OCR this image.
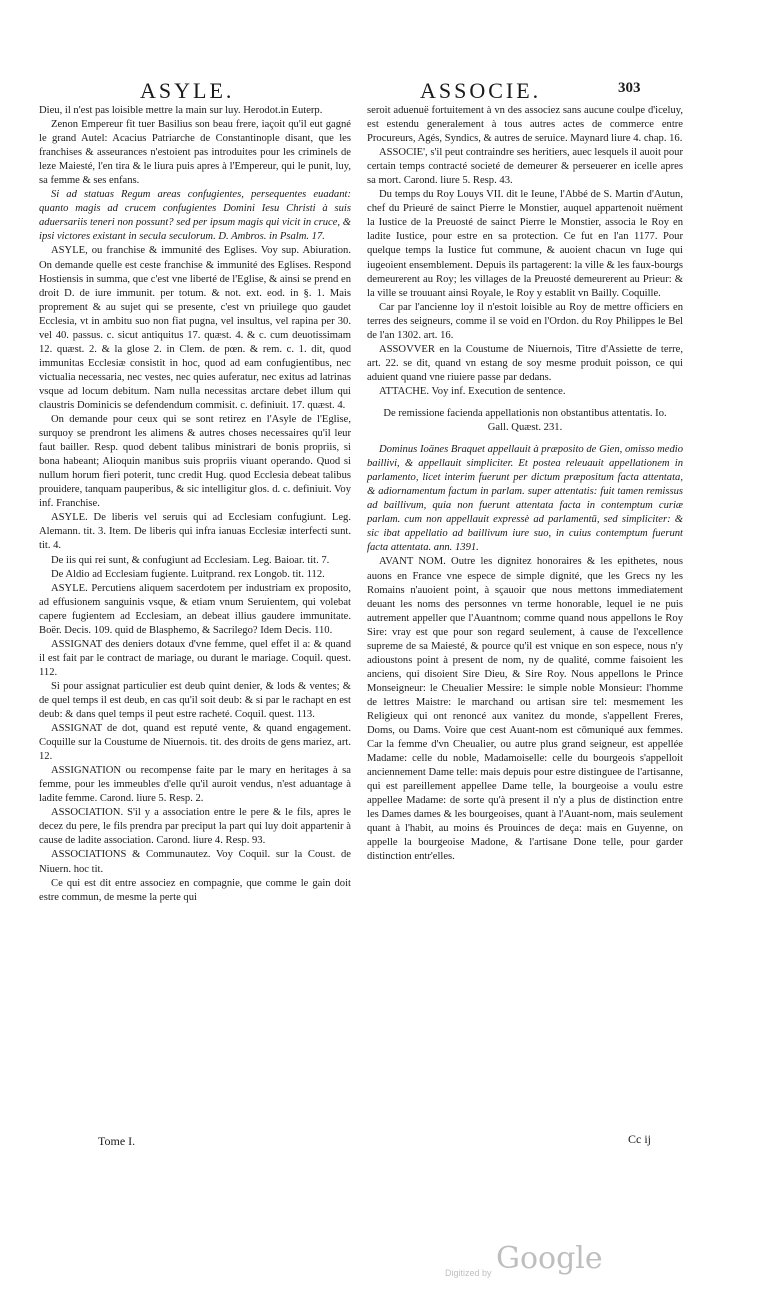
ASYLE.	ASSOCIE.	303

Dieu, il n'est pas loisible mettre la main sur luy. Herodot.in Euterp.

Zenon Empereur fit tuer Basilius son beau frere, iaçoit qu'il eut gagné le grand Autel: Acacius Patriarche de Constantinople disant, que les franchises & asseurances n'estoient pas introduites pour les criminels de leze Maiesté, l'en tira & le liura puis apres à l'Empereur, qui le punit, luy, sa femme & ses enfans.

Si ad statuas Regum areas confugientes, persequentes euadant: quanto magis ad crucem confugientes Domini Iesu Christi à suis aduersariis teneri non possunt? sed per ipsum magis qui vicit in cruce, & ipsi victores existant in secula seculorum. D. Ambros. in Psalm. 17.

ASYLE, ou franchise & immunité des Eglises. Voy sup. Abiuration. On demande quelle est ceste franchise & immunité des Eglises. Respond Hostiensis in summa, que c'est vne liberté de l'Eglise, & ainsi se prend en droit D. de iure immunit. per totum. & not. ext. eod. in §. 1. Mais proprement & au sujet qui se presente, c'est vn priuilege quo gaudet Ecclesia, vt in ambitu suo non fiat pugna, vel insultus, vel rapina per 30. vel 40. passus. c. sicut antiquitus 17. quæst. 4. & c. cum deuotissimam 12. quæst. 2. & la glose 2. in Clem. de pœn. & rem. c. 1. dit, quod immunitas Ecclesiæ consistit in hoc, quod ad eam confugientibus, nec victualia necessaria, nec vestes, nec quies auferatur, nec exitus ad latrinas vsque ad locum debitum. Nam nulla necessitas arctare debet illum qui claustris Dominicis se defendendum commisit. c. definiuit. 17. quæst. 4.

On demande pour ceux qui se sont retirez en l'Asyle de l'Eglise, surquoy se prendront les alimens & autres choses necessaires qu'il leur faut bailler. Resp. quod debent talibus ministrari de bonis propriis, si bona habeant; Alioquin manibus suis propriis viuant operando. Quod si nullum horum fieri poterit, tunc credit Hug. quod Ecclesia debeat talibus prouidere, tanquam pauperibus, & sic intelligitur glos. d. c. definiuit. Voy inf. Franchise.

ASYLE. De liberis vel seruis qui ad Ecclesiam confugiunt. Leg. Alemann. tit. 3. Item. De liberis qui infra ianuas Ecclesiæ interfecti sunt. tit. 4.

De iis qui rei sunt, & confugiunt ad Ecclesiam. Leg. Baioar. tit. 7.

De Aldio ad Ecclesiam fugiente. Luitprand. rex Longob. tit. 112.

ASYLE. Percutiens aliquem sacerdotem per industriam ex proposito, ad effusionem sanguinis vsque, & etiam vnum Seruientem, qui volebat capere fugientem ad Ecclesiam, an debeat illius gaudere immunitate. Boër. Decis. 109. quid de Blasphemo, & Sacrilego? Idem Decis. 110.

ASSIGNAT des deniers dotaux d'vne femme, quel effet il a: & quand il est fait par le contract de mariage, ou durant le mariage. Coquil. quest. 112.

Si pour assignat particulier est deub quint denier, & lods & ventes; & de quel temps il est deub, en cas qu'il soit deub: & si par le rachapt en est deub: & dans quel temps il peut estre racheté. Coquil. quest. 113.

ASSIGNAT de dot, quand est reputé vente, & quand engagement. Coquille sur la Coustume de Niuernois. tit. des droits de gens mariez, art. 12.

ASSIGNATION ou recompense faite par le mary en heritages à sa femme, pour les immeubles d'elle qu'il auroit vendus, n'est aduantage à ladite femme. Carond. liure 5. Resp. 2.

ASSOCIATION. S'il y a association entre le pere & le fils, apres le decez du pere, le fils prendra par preciput la part qui luy doit appartenir à cause de ladite association. Carond. liure 4. Resp. 93.

ASSOCIATIONS & Communautez. Voy Coquil. sur la Coust. de Niuern. hoc tit.

Ce qui est dit entre associez en compagnie, que comme le gain doit estre commun, de mesme la perte qui

seroit aduenuë fortuitement à vn des associez sans aucune coulpe d'iceluy, est estendu generalement à tous autres actes de commerce entre Procureurs, Agés, Syndics, & autres de seruice. Maynard liure 4. chap. 16.

ASSOCIE', s'il peut contraindre ses heritiers, auec lesquels il auoit pour certain temps contracté societé de demeurer & perseuerer en icelle apres sa mort. Carond. liure 5. Resp. 43.

Du temps du Roy Louys VII. dit le Ieune, l'Abbé de S. Martin d'Autun, chef du Prieuré de sainct Pierre le Monstier, auquel appartenoit nuëment la Iustice de la Preuosté de sainct Pierre le Monstier, associa le Roy en ladite Iustice, pour estre en sa protection. Ce fut en l'an 1177. Pour quelque temps la Iustice fut commune, & auoient chacun vn Iuge qui iugeoient ensemblement. Depuis ils partagerent: la ville & les faux-bourgs demeurerent au Roy; les villages de la Preuosté demeurerent au Prieur: & la ville se trouuant ainsi Royale, le Roy y establit vn Bailly. Coquille.

Car par l'ancienne loy il n'estoit loisible au Roy de mettre officiers en terres des seigneurs, comme il se void en l'Ordon. du Roy Philippes le Bel de l'an 1302. art. 16.

ASSOVVER en la Coustume de Niuernois, Titre d'Assiette de terre, art. 22. se dit, quand vn estang de soy mesme produit poisson, ce qui aduient quand vne riuiere passe par dedans.

ATTACHE. Voy inf. Execution de sentence.

De remissione facienda appellationis non obstantibus attentatis. Io. Gall. Quæst. 231.

Dominus Ioänes Braquet appellauit à præposito de Gien, omisso medio baillivi, & appellauit simpliciter. Et postea releuauit appellationem in parlamento, licet interim fuerunt per dictum præpositum facta attentata, & adiornamentum factum in parlam. super attentatis: fuit tamen remissus ad baillivum, quia non fuerunt attentata facta in contemptum curiæ parlam. cum non appellauit expressè ad parlamentū, sed simpliciter: & sic ibat appellatio ad baillivum iure suo, in cuius contemptum fuerunt facta attentata. ann. 1391.

AVANT NOM. Outre les dignitez honoraires & les epithetes, nous auons en France vne espece de simple dignité, que les Grecs ny les Romains n'auoient point, à sçauoir que nous mettons immediatement deuant les noms des personnes vn terme honorable, lequel ie ne puis autrement appeller que l'Auantnom; comme quand nous appellons le Roy Sire: vray est que pour son regard seulement, à cause de l'excellence supreme de sa Maiesté, & pource qu'il est vnique en son espece, nous n'y adioustons point à present de nom, ny de qualité, comme faisoient les anciens, qui disoient Sire Dieu, & Sire Roy. Nous appellons le Prince Monseigneur: le Cheualier Messire: le simple noble Monsieur: l'homme de lettres Maistre: le marchand ou artisan sire tel: mesmement les Religieux qui ont renoncé aux vanitez du monde, s'appellent Freres, Doms, ou Dams. Voire que cest Auant-nom est cōmuniqué aux femmes. Car la femme d'vn Cheualier, ou autre plus grand seigneur, est appellée Madame: celle du noble, Madamoiselle: celle du bourgeois s'appelloit anciennement Dame telle: mais depuis pour estre distinguee de l'artisanne, qui est pareillement appellee Dame telle, la bourgeoise a voulu estre appellee Madame: de sorte qu'à present il n'y a plus de distinction entre les Dames dames & les bourgeoises, quant à l'Auant-nom, mais seulement quant à l'habit, au moins és Prouinces de deça: mais en Guyenne, on appelle la bourgeoise Madone, & l'artisane Done telle, pour garder distinction entr'elles.

Tome I.	Cc ij
Digitized by Google
